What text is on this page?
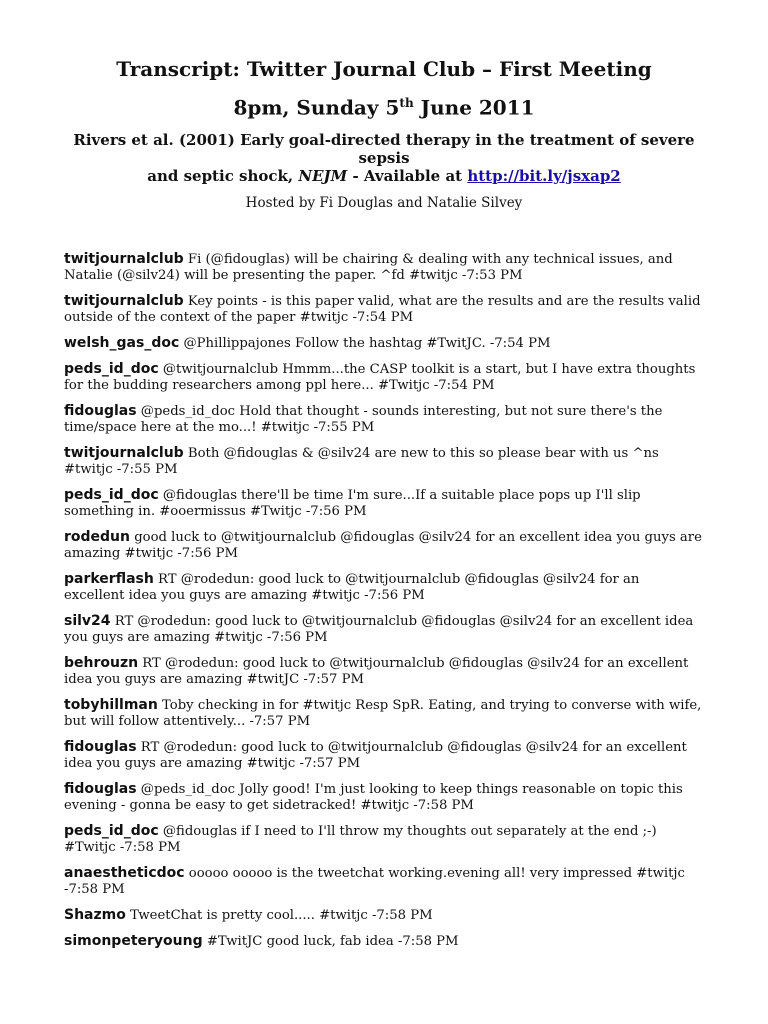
Transcript: Twitter Journal Club – First Meeting
8pm, Sunday 5th June 2011

Rivers et al. (2001) Early goal-directed therapy in the treatment of severe sepsis
and septic shock, NEJM - Available at http://bit.ly/jsxap2

Hosted by Fi Douglas and Natalie Silvey

twitjournalclub Fi (@fidouglas) will be chairing & dealing with any technical issues, and Natalie (@silv24) will be presenting the paper. ^fd #twitjc -7:53 PM

twitjournalclub Key points - is this paper valid, what are the results and are the results valid outside of the context of the paper #twitjc -7:54 PM

welsh_gas_doc @Phillippajones Follow the hashtag #TwitJC. -7:54 PM

peds_id_doc @twitjournalclub Hmmm...the CASP toolkit is a start, but I have extra thoughts for the budding researchers among ppl here... #Twitjc -7:54 PM

fidouglas @peds_id_doc Hold that thought - sounds interesting, but not sure there's the time/space here at the mo...! #twitjc -7:55 PM

twitjournalclub Both @fidouglas & @silv24 are new to this so please bear with us ^ns #twitjc -7:55 PM

peds_id_doc @fidouglas there'll be time I'm sure...If a suitable place pops up I'll slip something in. #ooermissus #Twitjc -7:56 PM

rodedun good luck to @twitjournalclub @fidouglas @silv24 for an excellent idea you guys are amazing #twitjc -7:56 PM

parkerflash RT @rodedun: good luck to @twitjournalclub @fidouglas @silv24 for an excellent idea you guys are amazing #twitjc -7:56 PM

silv24 RT @rodedun: good luck to @twitjournalclub @fidouglas @silv24 for an excellent idea you guys are amazing #twitjc -7:56 PM

behrouzn RT @rodedun: good luck to @twitjournalclub @fidouglas @silv24 for an excellent idea you guys are amazing #twitJC -7:57 PM

tobyhillman Toby checking in for #twitjc Resp SpR. Eating, and trying to converse with wife, but will follow attentively... -7:57 PM

fidouglas RT @rodedun: good luck to @twitjournalclub @fidouglas @silv24 for an excellent idea you guys are amazing #twitjc -7:57 PM

fidouglas @peds_id_doc Jolly good! I'm just looking to keep things reasonable on topic this evening - gonna be easy to get sidetracked! #twitjc -7:58 PM

peds_id_doc @fidouglas if I need to I'll throw my thoughts out separately at the end ;-) #Twitjc -7:58 PM

anaestheticdoc ooooo ooooo is the tweetchat working.evening all! very impressed #twitjc -7:58 PM

Shazmo TweetChat is pretty cool..... #twitjc -7:58 PM

simonpeteryoung #TwitJC good luck, fab idea -7:58 PM
